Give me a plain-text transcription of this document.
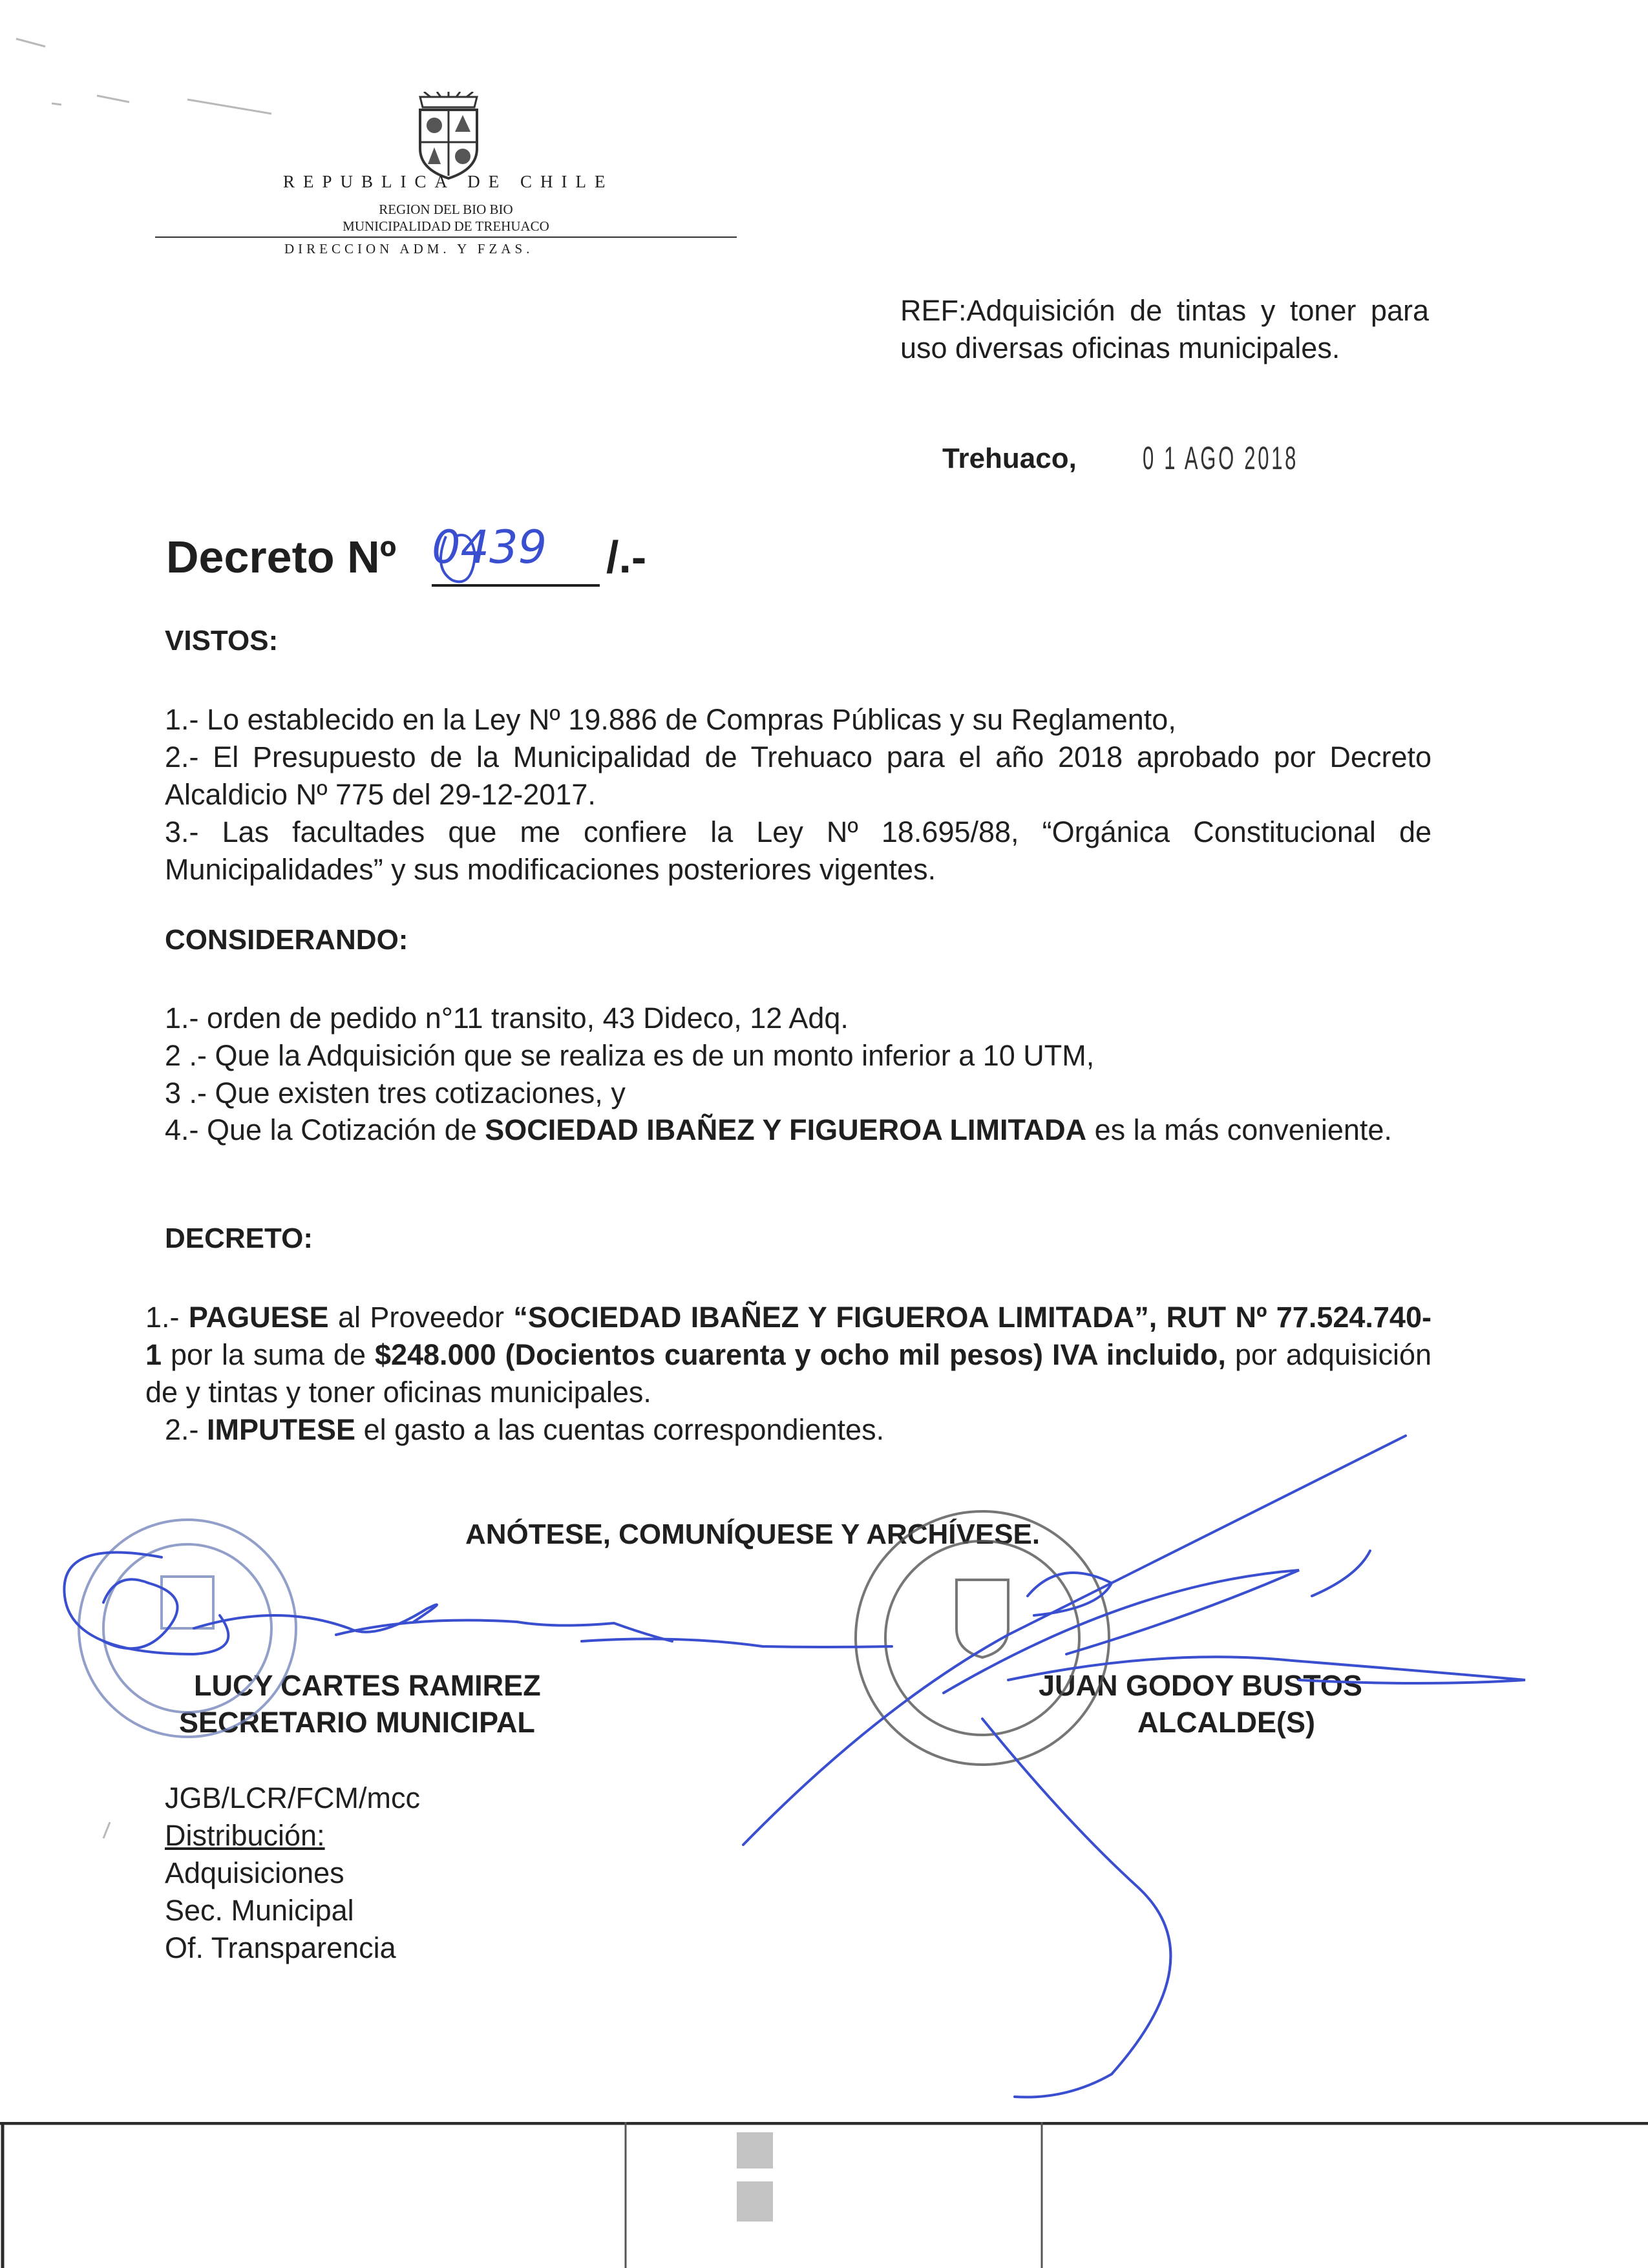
REPUBLICA DE CHILE
REGION DEL BIO BIO
MUNICIPALIDAD DE TREHUACO
DIRECCION ADM. Y FZAS.
REF:Adquisición de tintas y toner para uso diversas oficinas municipales.
Trehuaco, 0 1 AGO 2018
Decreto Nº 0439 /.-
VISTOS:
1.- Lo establecido en la Ley Nº 19.886 de Compras Públicas y su Reglamento,
2.- El Presupuesto de la Municipalidad de Trehuaco para el año 2018 aprobado por Decreto Alcaldicio Nº 775 del 29-12-2017.
3.- Las facultades que me confiere la Ley Nº 18.695/88, “Orgánica Constitucional de Municipalidades” y sus modificaciones posteriores vigentes.
CONSIDERANDO:
1.- orden de pedido n°11 transito, 43 Dideco, 12 Adq.
2 .- Que la Adquisición que se realiza es de un monto inferior a 10 UTM,
3 .- Que existen tres cotizaciones, y
4.- Que la Cotización de SOCIEDAD IBAÑEZ Y FIGUEROA LIMITADA es la más conveniente.
DECRETO:
1.- PAGUESE al Proveedor “SOCIEDAD IBAÑEZ Y FIGUEROA LIMITADA”, RUT Nº 77.524.740-1 por la suma de $248.000 (Docientos cuarenta y ocho mil pesos) IVA incluido, por adquisición de y tintas y toner oficinas municipales.
2.- IMPUTESE el gasto a las cuentas correspondientes.
ANÓTESE, COMUNÍQUESE Y ARCHÍVESE.
LUCY CARTES RAMIREZ
SECRETARIO MUNICIPAL
JUAN GODOY BUSTOS
ALCALDE(S)
JGB/LCR/FCM/mcc
Distribución:
Adquisiciones
Sec. Municipal
Of. Transparencia
